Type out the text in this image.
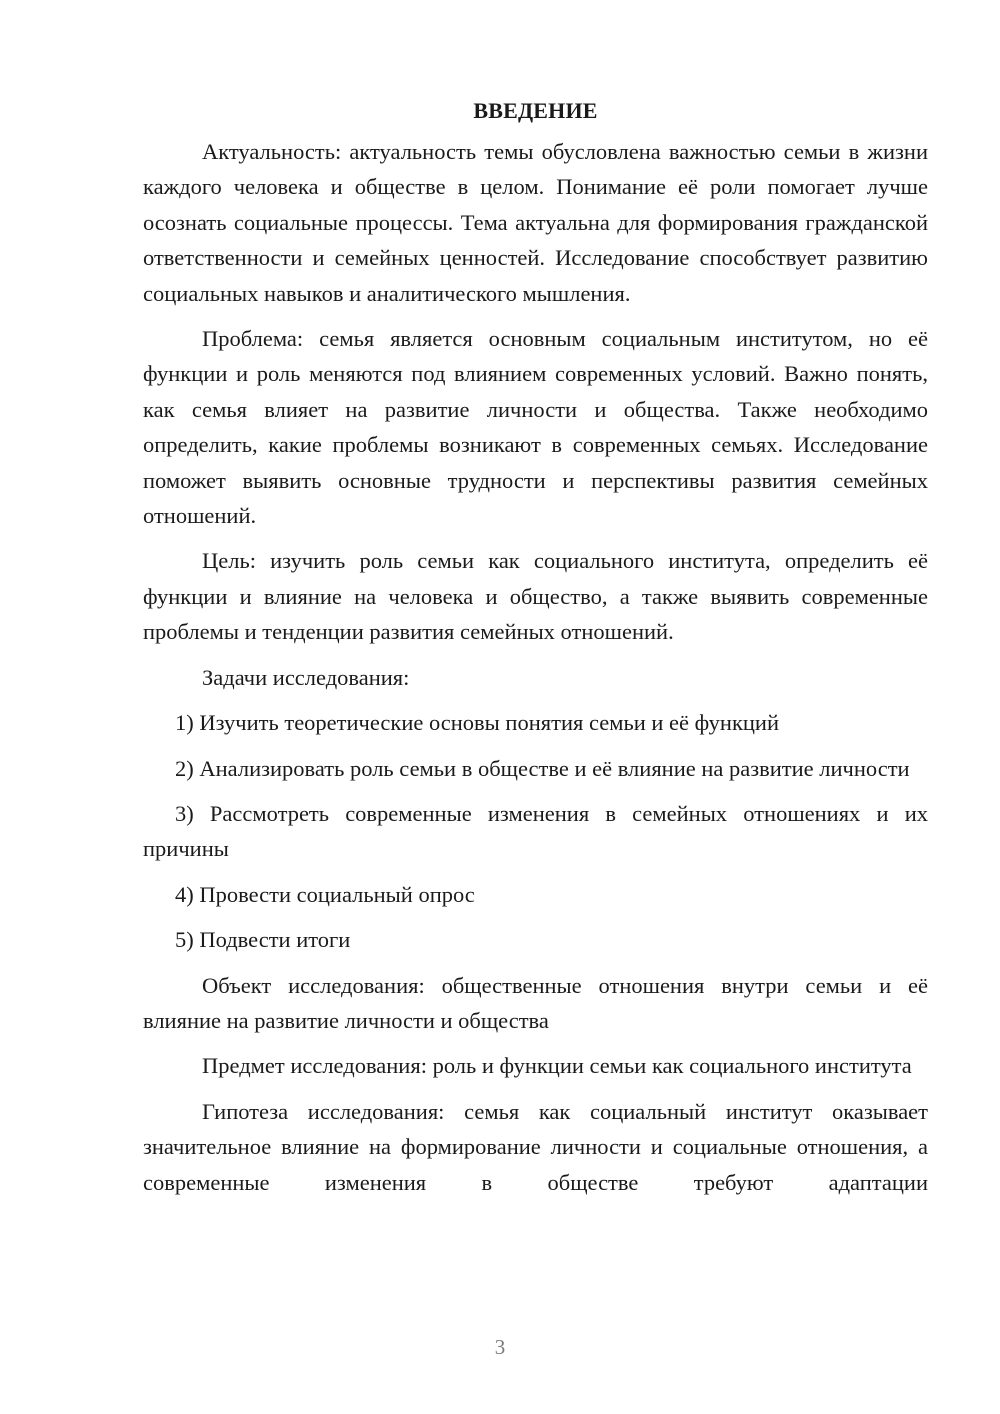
ВВЕДЕНИЕ

Актуальность: актуальность темы обусловлена важностью семьи в жизни каждого человека и обществе в целом. Понимание её роли помогает лучше осознать социальные процессы. Тема актуальна для формирования гражданской ответственности и семейных ценностей. Исследование способствует развитию социальных навыков и аналитического мышления.

Проблема: семья является основным социальным институтом, но её функции и роль меняются под влиянием современных условий. Важно понять, как семья влияет на развитие личности и общества. Также необходимо определить, какие проблемы возникают в современных семьях. Исследование поможет выявить основные трудности и перспективы развития семейных отношений.

Цель: изучить роль семьи как социального института, определить её функции и влияние на человека и общество, а также выявить современные проблемы и тенденции развития семейных отношений.

Задачи исследования:

1) Изучить теоретические основы понятия семьи и её функций

2) Анализировать роль семьи в обществе и её влияние на развитие личности

3) Рассмотреть современные изменения в семейных отношениях и их причины

4) Провести социальный опрос

5) Подвести итоги

Объект исследования: общественные отношения внутри семьи и её влияние на развитие личности и общества

Предмет исследования: роль и функции семьи как социального института

Гипотеза исследования: семья как социальный институт оказывает значительное влияние на формирование личности и социальные отношения, а современные изменения в обществе требуют адаптации

3
